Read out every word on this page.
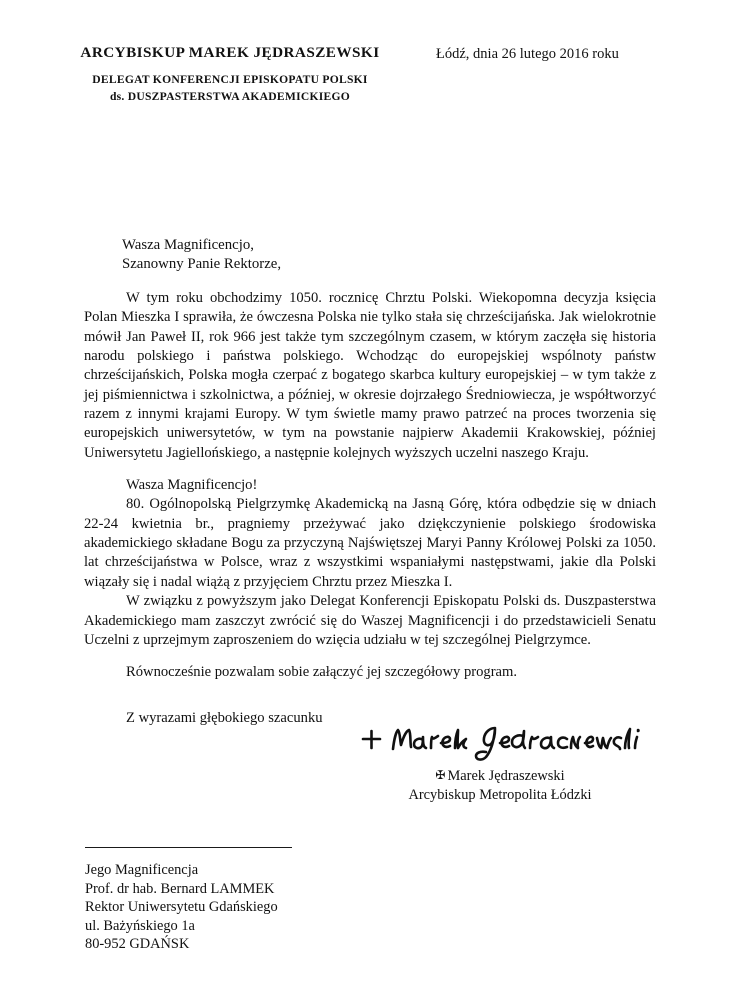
ARCYBISKUP MAREK JĘDRASZEWSKI
DELEGAT KONFERENCJI EPISKOPATU POLSKI
ds. DUSZPASTERSTWA AKADEMICKIEGO
Łódź, dnia 26 lutego 2016 roku
Wasza Magnificencjo,
Szanowny Panie Rektorze,

W tym roku obchodzimy 1050. rocznicę Chrztu Polski. Wiekopomna decyzja księcia Polan Mieszka I sprawiła, że ówczesna Polska nie tylko stała się chrześcijańska. Jak wielokrotnie mówił Jan Paweł II, rok 966 jest także tym szczególnym czasem, w którym zaczęła się historia narodu polskiego i państwa polskiego. Wchodząc do europejskiej wspólnoty państw chrześcijańskich, Polska mogła czerpać z bogatego skarbca kultury europejskiej – w tym także z jej piśmiennictwa i szkolnictwa, a później, w okresie dojrzałego Średniowiecza, je współtworzyć razem z innymi krajami Europy. W tym świetle mamy prawo patrzeć na proces tworzenia się europejskich uniwersytetów, w tym na powstanie najpierw Akademii Krakowskiej, później Uniwersytetu Jagiellońskiego, a następnie kolejnych wyższych uczelni naszego Kraju.

Wasza Magnificencjo!

80. Ogólnopolską Pielgrzymkę Akademicką na Jasną Górę, która odbędzie się w dniach 22-24 kwietnia br., pragniemy przeżywać jako dziękczynienie polskiego środowiska akademickiego składane Bogu za przyczyną Najświętszej Maryi Panny Królowej Polski za 1050. lat chrześcijaństwa w Polsce, wraz z wszystkimi wspaniałymi następstwami, jakie dla Polski wiązały się i nadal wiążą z przyjęciem Chrztu przez Mieszka I.

W związku z powyższym jako Delegat Konferencji Episkopatu Polski ds. Duszpasterstwa Akademickiego mam zaszczyt zwrócić się do Waszej Magnificencji i do przedstawicieli Senatu Uczelni z uprzejmym zaproszeniem do wzięcia udziału w tej szczególnej Pielgrzymce.

Równocześnie pozwalam sobie załączyć jej szczegółowy program.

Z wyrazami głębokiego szacunku

✠ Marek Jędraszewski
Arcybiskup Metropolita Łódzki
Jego Magnificencja
Prof. dr hab. Bernard LAMMEK
Rektor Uniwersytetu Gdańskiego
ul. Bażyńskiego 1a
80-952 GDAŃSK
